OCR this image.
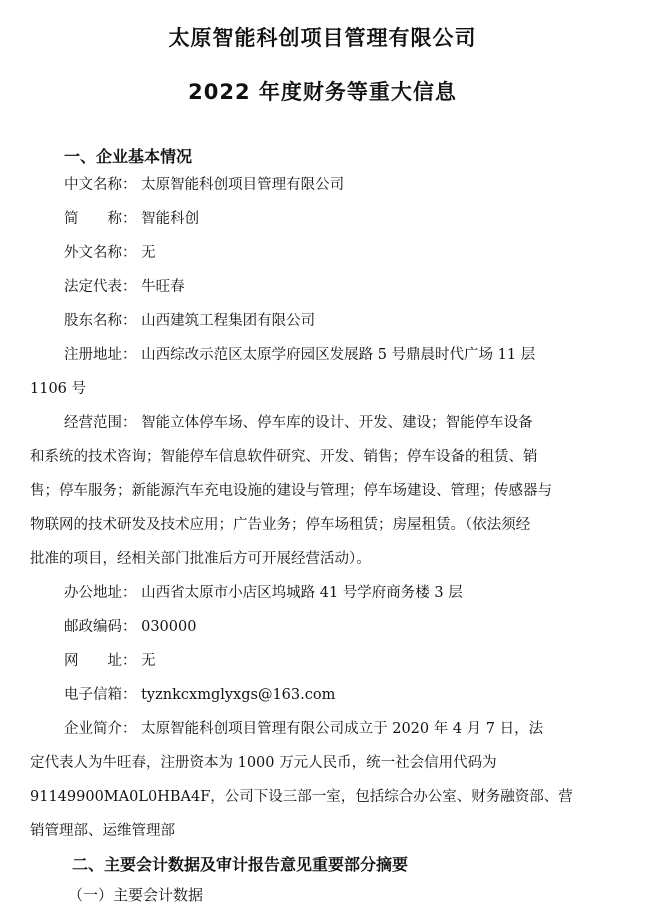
太原智能科创项目管理有限公司
2022 年度财务等重大信息
一、企业基本情况
中文名称： 太原智能科创项目管理有限公司
简　　称： 智能科创
外文名称： 无
法定代表： 牛旺春
股东名称： 山西建筑工程集团有限公司
注册地址： 山西综改示范区太原学府园区发展路 5 号鼎晨时代广场 11 层
1106 号
经营范围： 智能立体停车场、停车库的设计、开发、建设；智能停车设备
和系统的技术咨询；智能停车信息软件研究、开发、销售；停车设备的租赁、销
售；停车服务；新能源汽车充电设施的建设与管理；停车场建设、管理；传感器与
物联网的技术研发及技术应用；广告业务；停车场租赁；房屋租赁。（依法须经
批准的项目，经相关部门批准后方可开展经营活动）。
办公地址： 山西省太原市小店区坞城路 41 号学府商务楼 3 层
邮政编码： 030000
网　　址： 无
电子信箱： tyznkcxmglyxgs@163.com
企业简介： 太原智能科创项目管理有限公司成立于 2020 年 4 月 7 日，法
定代表人为牛旺春，注册资本为 1000 万元人民币，统一社会信用代码为
91149900MA0L0HBA4F，公司下设三部一室，包括综合办公室、财务融资部、营
销管理部、运维管理部
二、主要会计数据及审计报告意见重要部分摘要
（一）主要会计数据
